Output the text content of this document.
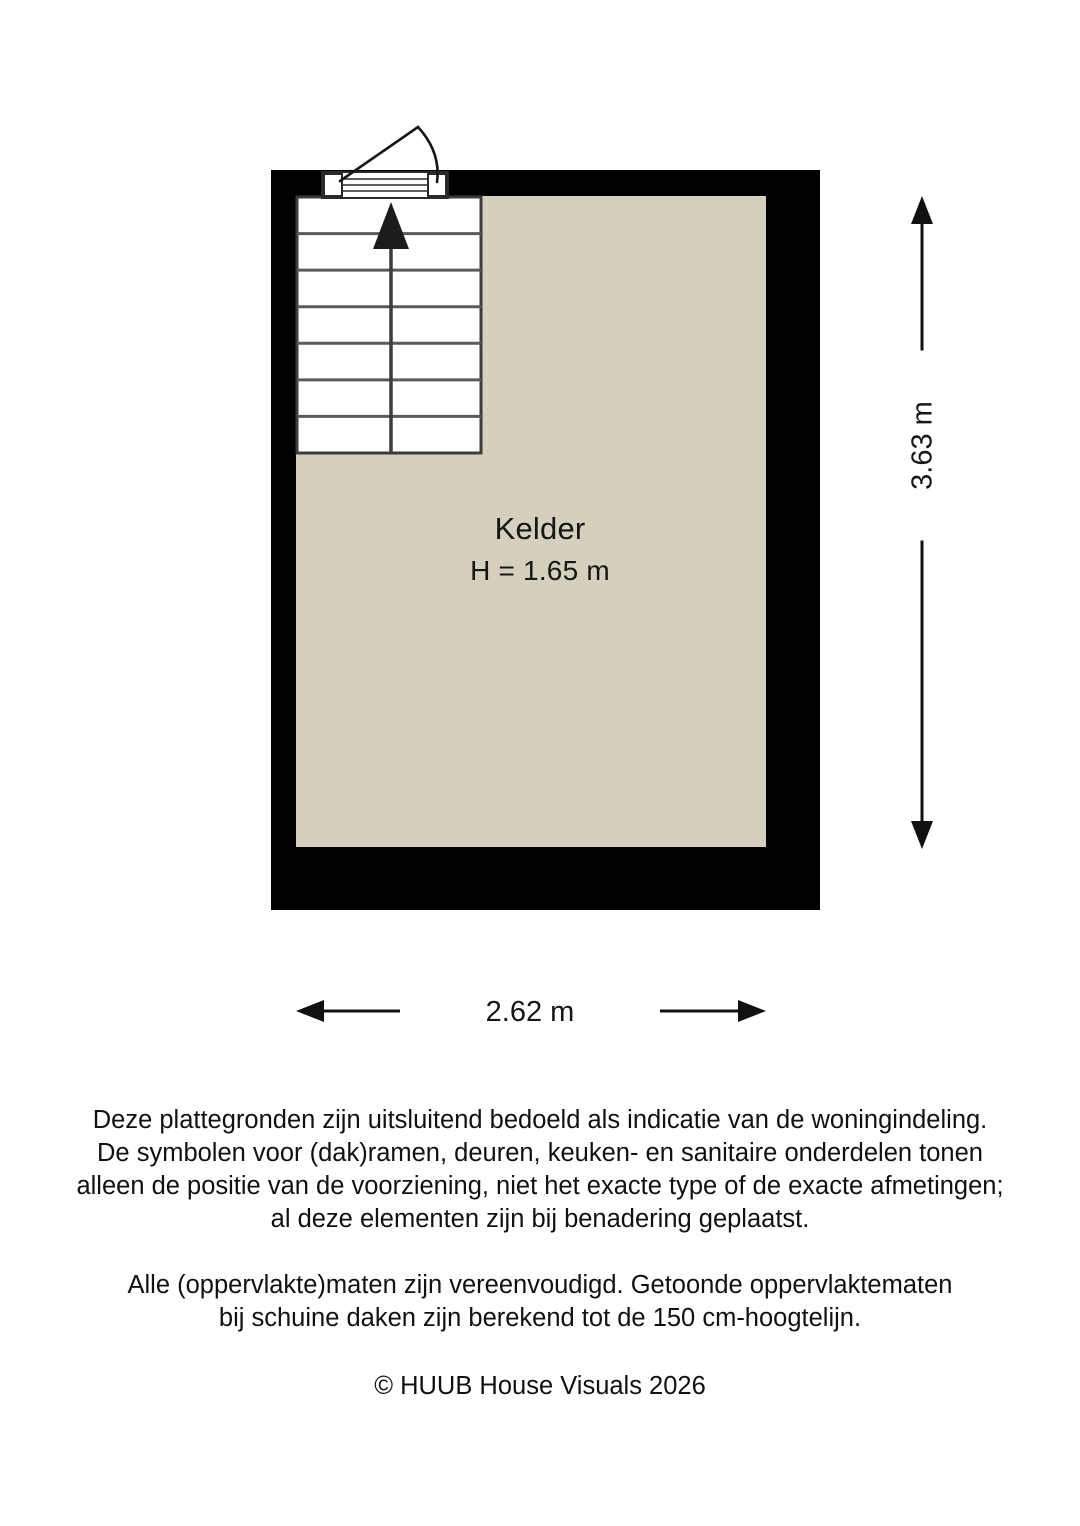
Kelder
H = 1.65 m
2.62 m
3.63 m

Deze plattegronden zijn uitsluitend bedoeld als indicatie van de woningindeling.
De symbolen voor (dak)ramen, deuren, keuken- en sanitaire onderdelen tonen
alleen de positie van de voorziening, niet het exacte type of de exacte afmetingen;
al deze elementen zijn bij benadering geplaatst.

Alle (oppervlakte)maten zijn vereenvoudigd. Getoonde oppervlaktematen
bij schuine daken zijn berekend tot de 150 cm-hoogtelijn.

© HUUB House Visuals 2026
